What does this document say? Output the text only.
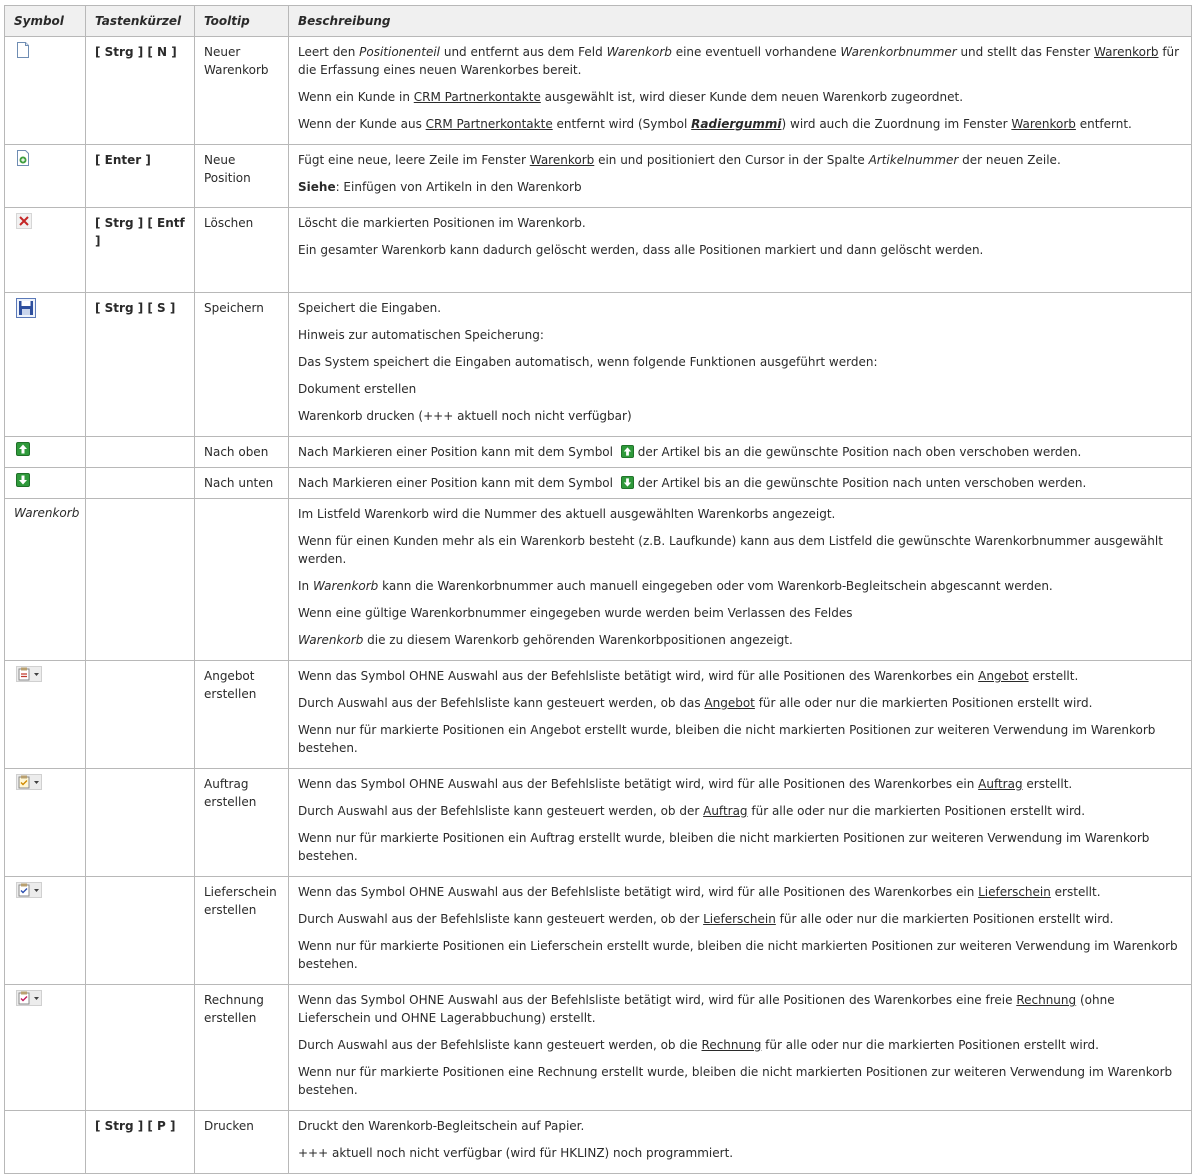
Symbol	Tastenkürzel	Tooltip	Beschreibung
	[ Strg ] [ N ]	Neuer Warenkorb	Leert den Positionenteil und entfernt aus dem Feld Warenkorb eine eventuell vorhandene Warenkorbnummer und stellt das Fenster Warenkorb für die Erfassung eines neuen Warenkorbes bereit.

Wenn ein Kunde in CRM Partnerkontakte ausgewählt ist, wird dieser Kunde dem neuen Warenkorb zugeordnet.

Wenn der Kunde aus CRM Partnerkontakte entfernt wird (Symbol Radiergummi) wird auch die Zuordnung im Fenster Warenkorb entfernt.

	[ Enter ]	Neue Position	Fügt eine neue, leere Zeile im Fenster Warenkorb ein und positioniert den Cursor in der Spalte Artikelnummer der neuen Zeile.

Siehe: Einfügen von Artikeln in den Warenkorb

	[ Strg ] [ Entf ]	Löschen	Löscht die markierten Positionen im Warenkorb.

Ein gesamter Warenkorb kann dadurch gelöscht werden, dass alle Positionen markiert und dann gelöscht werden.

	[ Strg ] [ S ]	Speichern	Speichert die Eingaben.

Hinweis zur automatischen Speicherung:

Das System speichert die Eingaben automatisch, wenn folgende Funktionen ausgeführt werden:

Dokument erstellen

Warenkorb drucken (+++ aktuell noch nicht verfügbar)

		Nach oben	Nach Markieren einer Position kann mit dem Symbol der Artikel bis an die gewünschte Position nach oben verschoben werden.

		Nach unten	Nach Markieren einer Position kann mit dem Symbol der Artikel bis an die gewünschte Position nach unten verschoben werden.

Warenkorb			Im Listfeld Warenkorb wird die Nummer des aktuell ausgewählten Warenkorbs angezeigt.

Wenn für einen Kunden mehr als ein Warenkorb besteht (z.B. Laufkunde) kann aus dem Listfeld die gewünschte Warenkorbnummer ausgewählt werden.

In Warenkorb kann die Warenkorbnummer auch manuell eingegeben oder vom Warenkorb-Begleitschein abgescannt werden.

Wenn eine gültige Warenkorbnummer eingegeben wurde werden beim Verlassen des Feldes

Warenkorb die zu diesem Warenkorb gehörenden Warenkorbpositionen angezeigt.

		Angebot erstellen	Wenn das Symbol OHNE Auswahl aus der Befehlsliste betätigt wird, wird für alle Positionen des Warenkorbes ein Angebot erstellt.

Durch Auswahl aus der Befehlsliste kann gesteuert werden, ob das Angebot für alle oder nur die markierten Positionen erstellt wird.

Wenn nur für markierte Positionen ein Angebot erstellt wurde, bleiben die nicht markierten Positionen zur weiteren Verwendung im Warenkorb bestehen.

		Auftrag erstellen	Wenn das Symbol OHNE Auswahl aus der Befehlsliste betätigt wird, wird für alle Positionen des Warenkorbes ein Auftrag erstellt.

Durch Auswahl aus der Befehlsliste kann gesteuert werden, ob der Auftrag für alle oder nur die markierten Positionen erstellt wird.

Wenn nur für markierte Positionen ein Auftrag erstellt wurde, bleiben die nicht markierten Positionen zur weiteren Verwendung im Warenkorb bestehen.

		Lieferschein erstellen	Wenn das Symbol OHNE Auswahl aus der Befehlsliste betätigt wird, wird für alle Positionen des Warenkorbes ein Lieferschein erstellt.

Durch Auswahl aus der Befehlsliste kann gesteuert werden, ob der Lieferschein für alle oder nur die markierten Positionen erstellt wird.

Wenn nur für markierte Positionen ein Lieferschein erstellt wurde, bleiben die nicht markierten Positionen zur weiteren Verwendung im Warenkorb bestehen.

		Rechnung erstellen	Wenn das Symbol OHNE Auswahl aus der Befehlsliste betätigt wird, wird für alle Positionen des Warenkorbes eine freie Rechnung (ohne Lieferschein und OHNE Lagerabbuchung) erstellt.

Durch Auswahl aus der Befehlsliste kann gesteuert werden, ob die Rechnung für alle oder nur die markierten Positionen erstellt wird.

Wenn nur für markierte Positionen eine Rechnung erstellt wurde, bleiben die nicht markierten Positionen zur weiteren Verwendung im Warenkorb bestehen.

	[ Strg ] [ P ]	Drucken	Druckt den Warenkorb-Begleitschein auf Papier.

+++ aktuell noch nicht verfügbar (wird für HKLINZ) noch programmiert.
